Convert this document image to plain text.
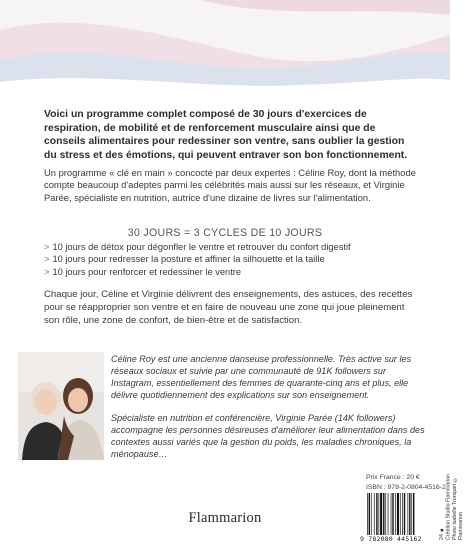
Voici un programme complet composé de 30 jours d'exercices de respiration, de mobilité et de renforcement musculaire ainsi que de conseils alimentaires pour redessiner son ventre, sans oublier la gestion du stress et des émotions, qui peuvent entraver son bon fonctionnement.
Un programme « clé en main » concocté par deux expertes : Céline Roy, dont la méthode compte beaucoup d'adeptes parmi les célébrités mais aussi sur les réseaux, et Virginie Parée, spécialiste en nutrition, autrice d'une dizaine de livres sur l'alimentation.
30 JOURS = 3 CYCLES DE 10 JOURS
> 10 jours de détox pour dégonfler le ventre et retrouver du confort digestif
> 10 jours pour redresser la posture et affiner la silhouette et la taille
> 10 jours pour renforcer et redessiner le ventre
Chaque jour, Céline et Virginie délivrent des enseignements, des astuces, des recettes pour se réapproprier son ventre et en faire de nouveau une zone qui joue pleinement son rôle, une zone de confort, de bien-être et de satisfaction.
Céline Roy est une ancienne danseuse professionnelle. Très active sur les réseaux sociaux et suivie par une communauté de 91K followers sur Instagram, essentiellement des femmes de quarante-cinq ans et plus, elle délivre quotidiennement des explications sur son enseignement.
Spécialiste en nutrition et conférencière, Virginie Parée (14K followers) accompagne les personnes désireuses d'améliorer leur alimentation dans des contextes aussi variés que la gestion du poids, les maladies chroniques, la ménopause…
Prix France : 20 €
ISBN : 978-2-0804-4516-2
9 782080 445162	24 ■ Création Studio Flammarion Photo Isabelle Tronquet © Flammarion
Flammarion
